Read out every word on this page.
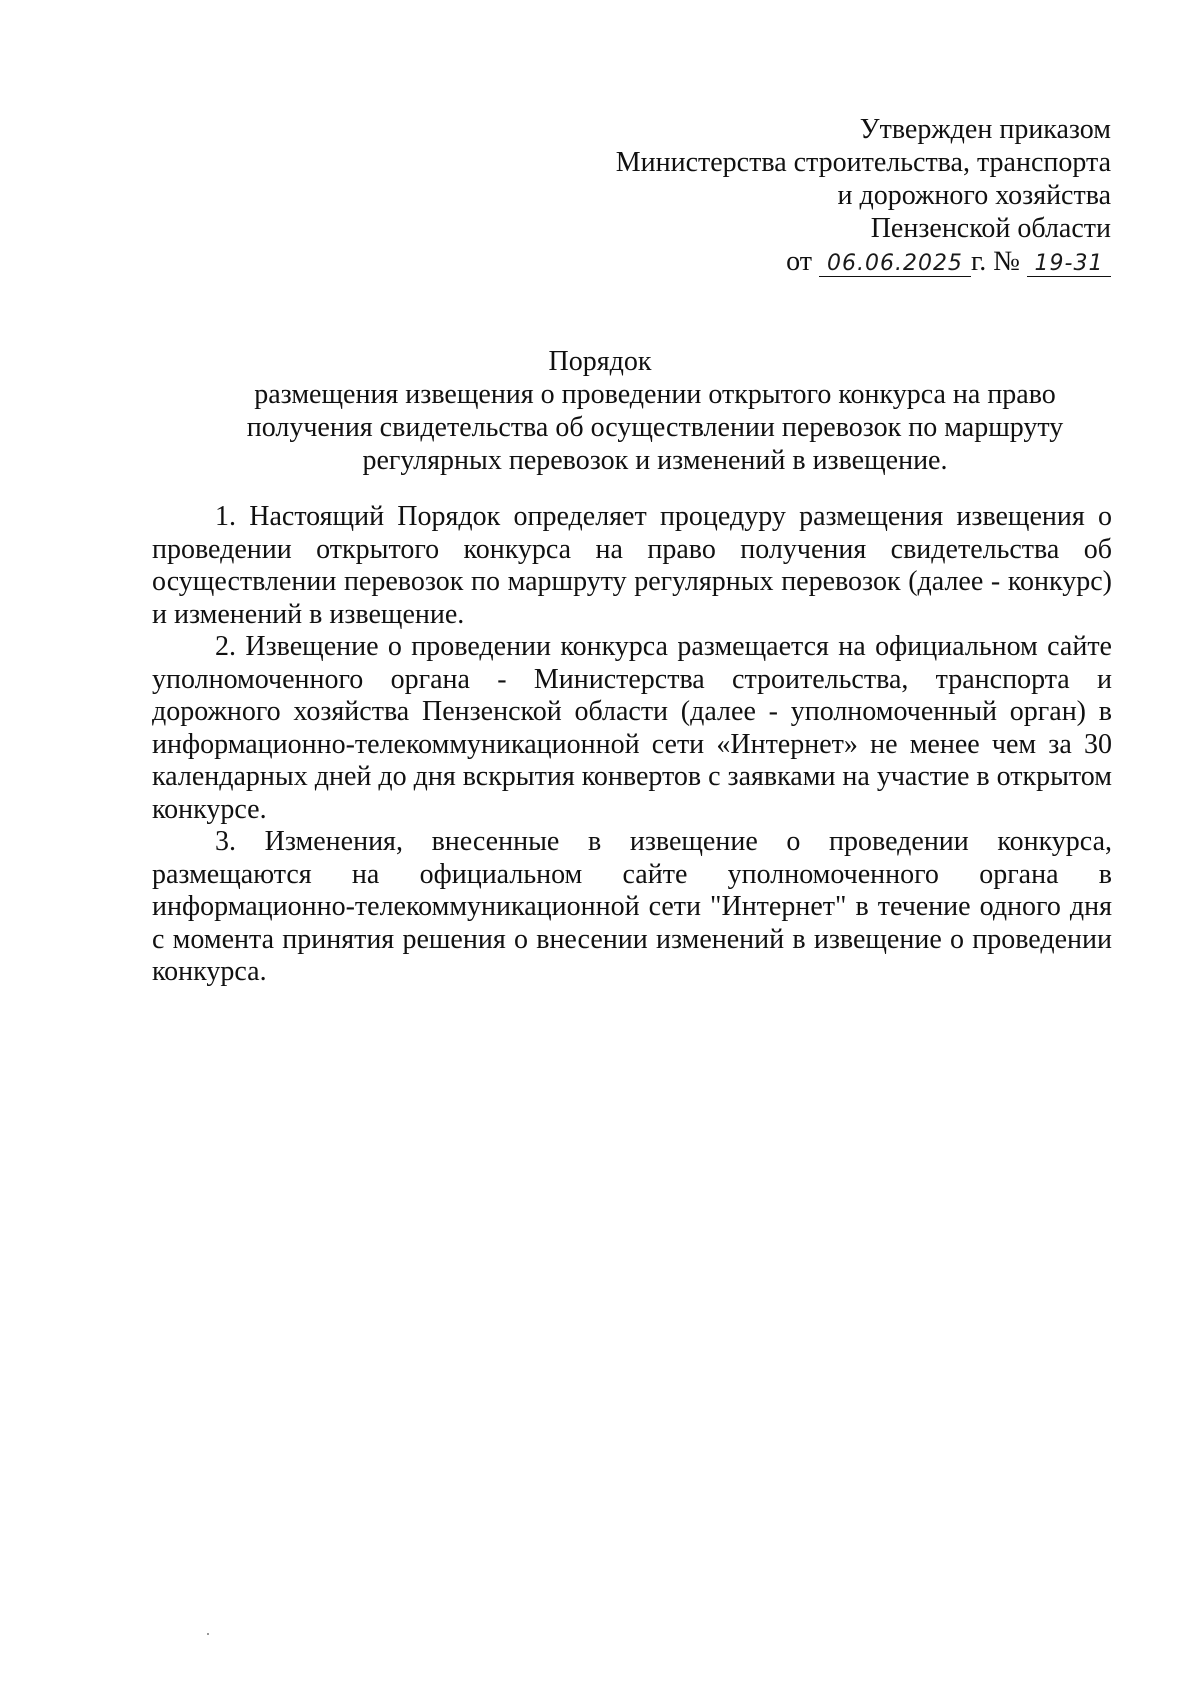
Утвержден приказом
Министерства строительства, транспорта
и дорожного хозяйства
Пензенской области
от 06.06.2025 г. № 19-31
Порядок
размещения извещения о проведении открытого конкурса на право получения свидетельства об осуществлении перевозок по маршруту регулярных перевозок и изменений в извещение.

1. Настоящий Порядок определяет процедуру размещения извещения о проведении открытого конкурса на право получения свидетельства об осуществлении перевозок по маршруту регулярных перевозок (далее - конкурс) и изменений в извещение.

2. Извещение о проведении конкурса размещается на официальном сайте уполномоченного органа - Министерства строительства, транспорта и дорожного хозяйства Пензенской области (далее - уполномоченный орган) в информационно-телекоммуникационной сети «Интернет» не менее чем за 30 календарных дней до дня вскрытия конвертов с заявками на участие в открытом конкурсе.

3. Изменения, внесенные в извещение о проведении конкурса, размещаются на официальном сайте уполномоченного органа в информационно-телекоммуникационной сети "Интернет" в течение одного дня с момента принятия решения о внесении изменений в извещение о проведении конкурса.
